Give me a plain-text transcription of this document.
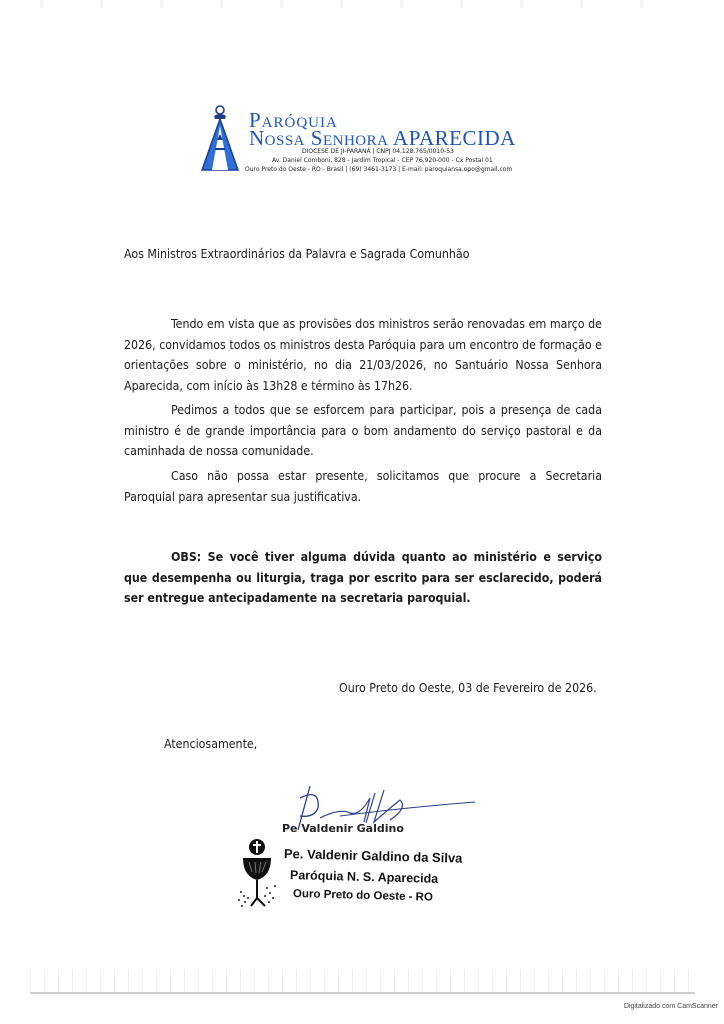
Paróquia
Nossa Senhora APARECIDA
DIOCESE DE JI-PARANÁ | CNPJ 04.128.765/0010-53
Av. Daniel Comboni, 828 - Jardim Tropical - CEP 76.920-000 - Cx Postal 01
Ouro Preto do Oeste - RO - Brasil | (69) 3461-3173 | E-mail: paroquiansa.opo@gmail.com
Aos Ministros Extraordinários da Palavra e Sagrada Comunhão
Tendo em vista que as provisões dos ministros serão renovadas em março de 2026, convidamos todos os ministros desta Paróquia para um encontro de formação e orientações sobre o ministério, no dia 21/03/2026, no Santuário Nossa Senhora Aparecida, com início às 13h28 e término às 17h26.
Pedimos a todos que se esforcem para participar, pois a presença de cada ministro é de grande importância para o bom andamento do serviço pastoral e da caminhada de nossa comunidade.
Caso não possa estar presente, solicitamos que procure a Secretaria Paroquial para apresentar sua justificativa.
OBS: Se você tiver alguma dúvida quanto ao ministério e serviço que desempenha ou liturgia, traga por escrito para ser esclarecido, poderá ser entregue antecipadamente na secretaria paroquial.
Ouro Preto do Oeste, 03 de Fevereiro de 2026.
Atenciosamente,
Pe Valdenir Galdino
Pe. Valdenir Galdino da Silva
Paróquia N. S. Aparecida
Ouro Preto do Oeste - RO
Digitalizado com CamScanner
